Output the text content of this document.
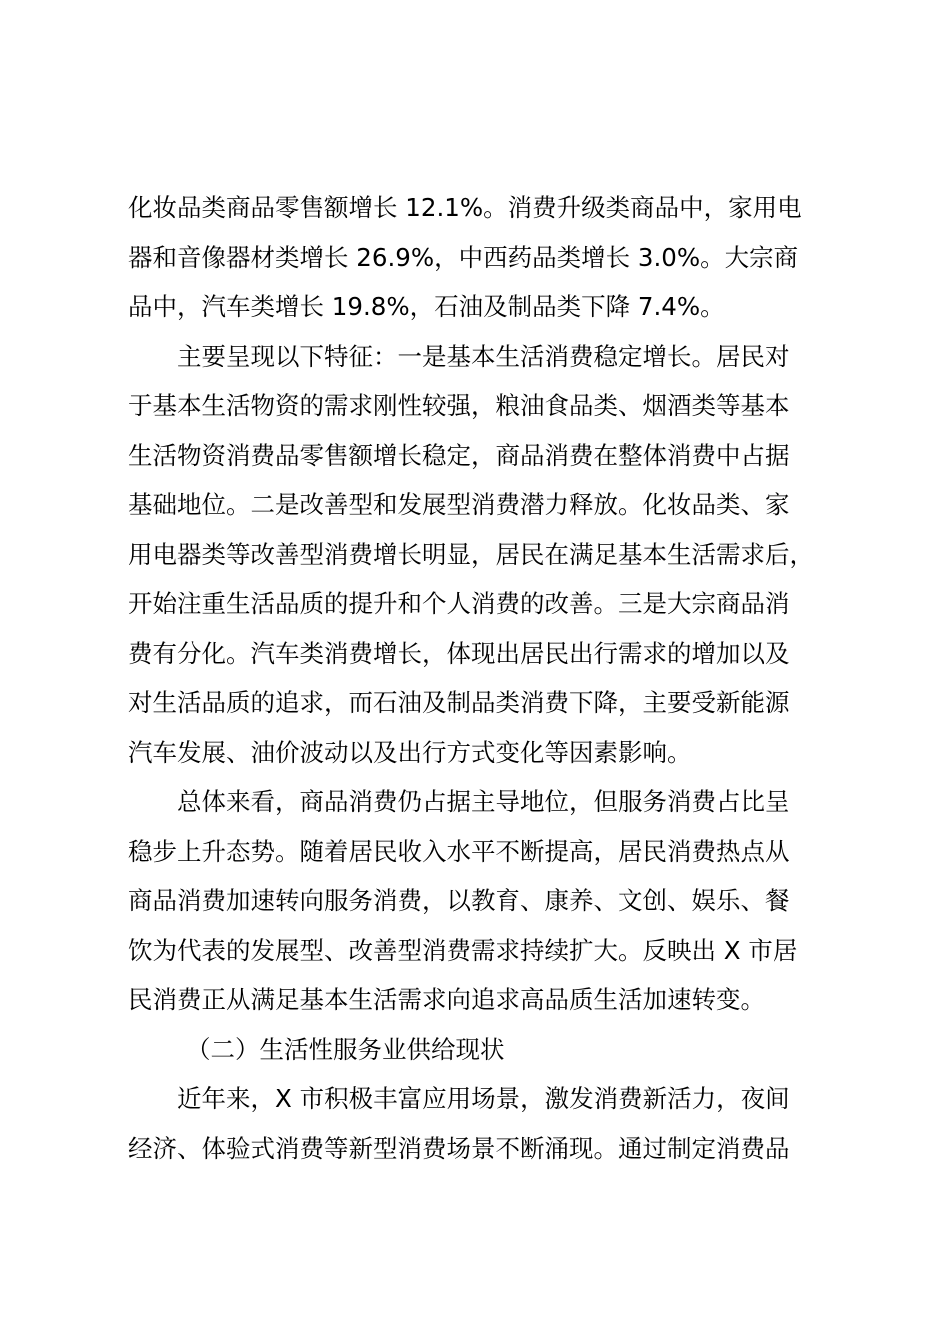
化妆品类商品零售额增长 12.1%。消费升级类商品中，家用电
器和音像器材类增长 26.9%，中西药品类增长 3.0%。大宗商
品中，汽车类增长 19.8%，石油及制品类下降 7.4%。
主要呈现以下特征：一是基本生活消费稳定增长。居民对
于基本生活物资的需求刚性较强，粮油食品类、烟酒类等基本
生活物资消费品零售额增长稳定，商品消费在整体消费中占据
基础地位。二是改善型和发展型消费潜力释放。化妆品类、家
用电器类等改善型消费增长明显，居民在满足基本生活需求后，
开始注重生活品质的提升和个人消费的改善。三是大宗商品消
费有分化。汽车类消费增长，体现出居民出行需求的增加以及
对生活品质的追求，而石油及制品类消费下降，主要受新能源
汽车发展、油价波动以及出行方式变化等因素影响。
总体来看，商品消费仍占据主导地位，但服务消费占比呈
稳步上升态势。随着居民收入水平不断提高，居民消费热点从
商品消费加速转向服务消费，以教育、康养、文创、娱乐、餐
饮为代表的发展型、改善型消费需求持续扩大。反映出 X 市居
民消费正从满足基本生活需求向追求高品质生活加速转变。
（二）生活性服务业供给现状
近年来，X 市积极丰富应用场景，激发消费新活力，夜间
经济、体验式消费等新型消费场景不断涌现。通过制定消费品
